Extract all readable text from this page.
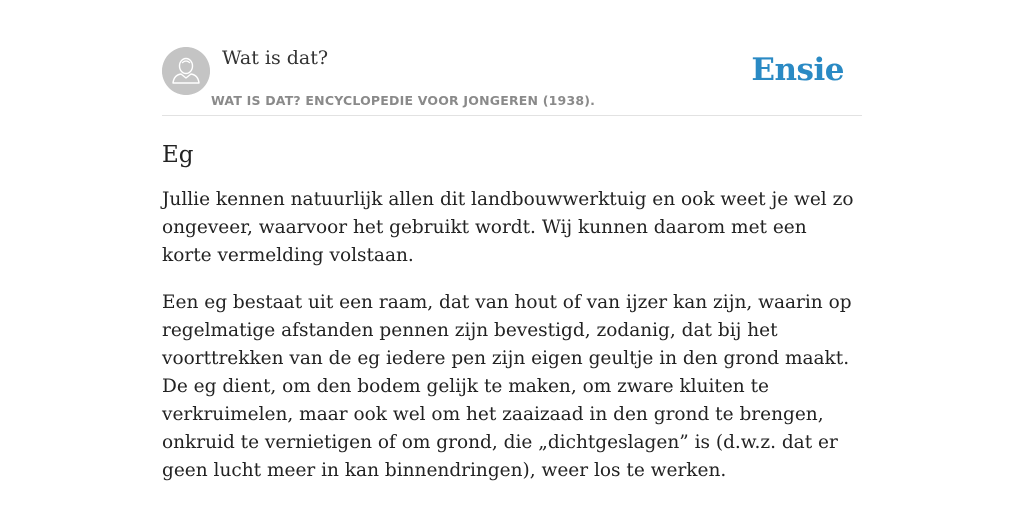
Wat is dat?
WAT IS DAT? ENCYCLOPEDIE VOOR JONGEREN (1938).
Ensie
Eg

Jullie kennen natuurlijk allen dit landbouwwerktuig en ook weet je wel zo ongeveer, waarvoor het gebruikt wordt. Wij kunnen daarom met een korte vermelding volstaan.

Een eg bestaat uit een raam, dat van hout of van ijzer kan zijn, waarin op regelmatige afstanden pennen zijn bevestigd, zodanig, dat bij het voorttrekken van de eg iedere pen zijn eigen geultje in den grond maakt. De eg dient, om den bodem gelijk te maken, om zware kluiten te verkruimelen, maar ook wel om het zaaizaad in den grond te brengen, onkruid te vernietigen of om grond, die „dichtgeslagen” is (d.w.z. dat er geen lucht meer in kan binnendringen), weer los te werken.
